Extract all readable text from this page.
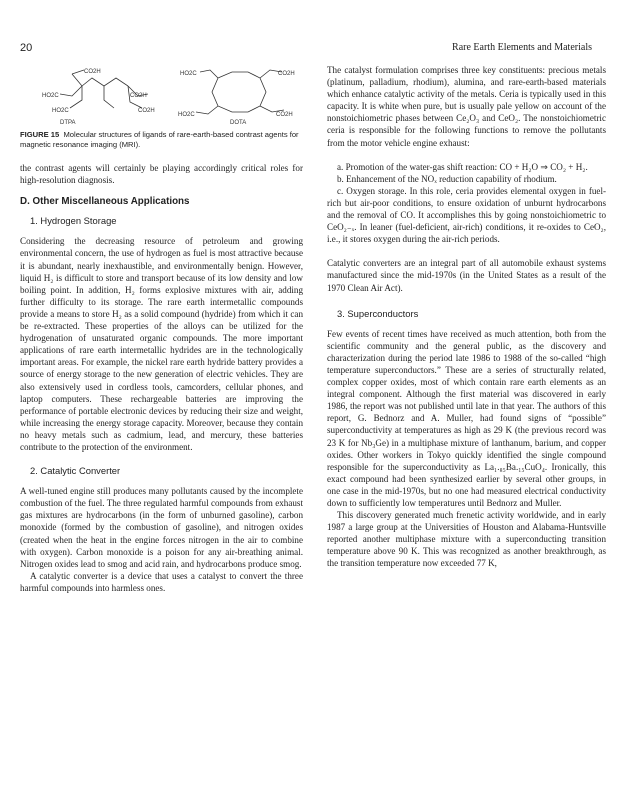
20	Rare Earth Elements and Materials
CO2H
HO2C
HO2C
CO2H
CO2H
DTPA
HO2C	CO2H
HO2C	CO2H
DOTA

FIGURE 15 Molecular structures of ligands of rare-earth-based contrast agents for magnetic resonance imaging (MRI).

the contrast agents will certainly be playing accordingly critical roles for high-resolution diagnosis.

D. Other Miscellaneous Applications
1. Hydrogen Storage

Considering the decreasing resource of petroleum and growing environmental concern, the use of hydrogen as fuel is most attractive because it is abundant, nearly inexhaustible, and environmentally benign. However, liquid H₂ is difficult to store and transport because of its low density and low boiling point. In addition, H₂ forms explosive mixtures with air, adding further difficulty to its storage. The rare earth intermetallic compounds provide a means to store H₂ as a solid compound (hydride) from which it can be re-extracted. These properties of the alloys can be utilized for the hydrogenation of unsaturated organic compounds. The more important applications of rare earth intermetallic hydrides are in the technologically important areas. For example, the nickel rare earth hydride battery provides a source of energy storage to the new generation of electric vehicles. They are also extensively used in cordless tools, camcorders, cellular phones, and laptop computers. These rechargeable batteries are improving the performance of portable electronic devices by reducing their size and weight, while increasing the energy storage capacity. Moreover, because they contain no heavy metals such as cadmium, lead, and mercury, these batteries contribute to the protection of the environment.

2. Catalytic Converter

A well-tuned engine still produces many pollutants caused by the incomplete combustion of the fuel. The three regulated harmful compounds from exhaust gas mixtures are hydrocarbons (in the form of unburned gasoline), carbon monoxide (formed by the combustion of gasoline), and nitrogen oxides (created when the heat in the engine forces nitrogen in the air to combine with oxygen). Carbon monoxide is a poison for any air-breathing animal. Nitrogen oxides lead to smog and acid rain, and hydrocarbons produce smog.

A catalytic converter is a device that uses a catalyst to convert the three harmful compounds into harmless ones.

The catalyst formulation comprises three key constituents: precious metals (platinum, palladium, rhodium), alumina, and rare-earth-based materials which enhance catalytic activity of the metals. Ceria is typically used in this capacity. It is white when pure, but is usually pale yellow on account of the nonstoichiometric phases between Ce₂O₃ and CeO₂. The nonstoichiometric ceria is responsible for the following functions to remove the pollutants from the motor vehicle engine exhaust:

a. Promotion of the water-gas shift reaction: CO + H₂O ⇒ CO₂ + H₂.

b. Enhancement of the NOₓ reduction capability of rhodium.

c. Oxygen storage. In this role, ceria provides elemental oxygen in fuel-rich but air-poor conditions, to ensure oxidation of unburnt hydrocarbons and the removal of CO. It accomplishes this by going nonstoichiometric to CeO₂₋ₓ. In leaner (fuel-deficient, air-rich) conditions, it re-oxides to CeO₂, i.e., it stores oxygen during the air-rich periods.

Catalytic converters are an integral part of all automobile exhaust systems manufactured since the mid-1970s (in the United States as a result of the 1970 Clean Air Act).

3. Superconductors

Few events of recent times have received as much attention, both from the scientific community and the general public, as the discovery and characterization during the period late 1986 to 1988 of the so-called “high temperature superconductors.” These are a series of structurally related, complex copper oxides, most of which contain rare earth elements as an integral component. Although the first material was discovered in early 1986, the report was not published until late in that year. The authors of this report, G. Bednorz and A. Muller, had found signs of “possible” superconductivity at temperatures as high as 29 K (the previous record was 23 K for Nb₃Ge) in a multiphase mixture of lanthanum, barium, and copper oxides. Other workers in Tokyo quickly identified the single compound responsible for the superconductivity as La₁.₈₅Ba.₁₅CuO₄. Ironically, this exact compound had been synthesized earlier by several other groups, in one case in the mid-1970s, but no one had measured electrical conductivity down to sufficiently low temperatures until Bednorz and Muller.

This discovery generated much frenetic activity worldwide, and in early 1987 a large group at the Universities of Houston and Alabama-Huntsville reported another multiphase mixture with a superconducting transition temperature above 90 K. This was recognized as another breakthrough, as the transition temperature now exceeded 77 K,
